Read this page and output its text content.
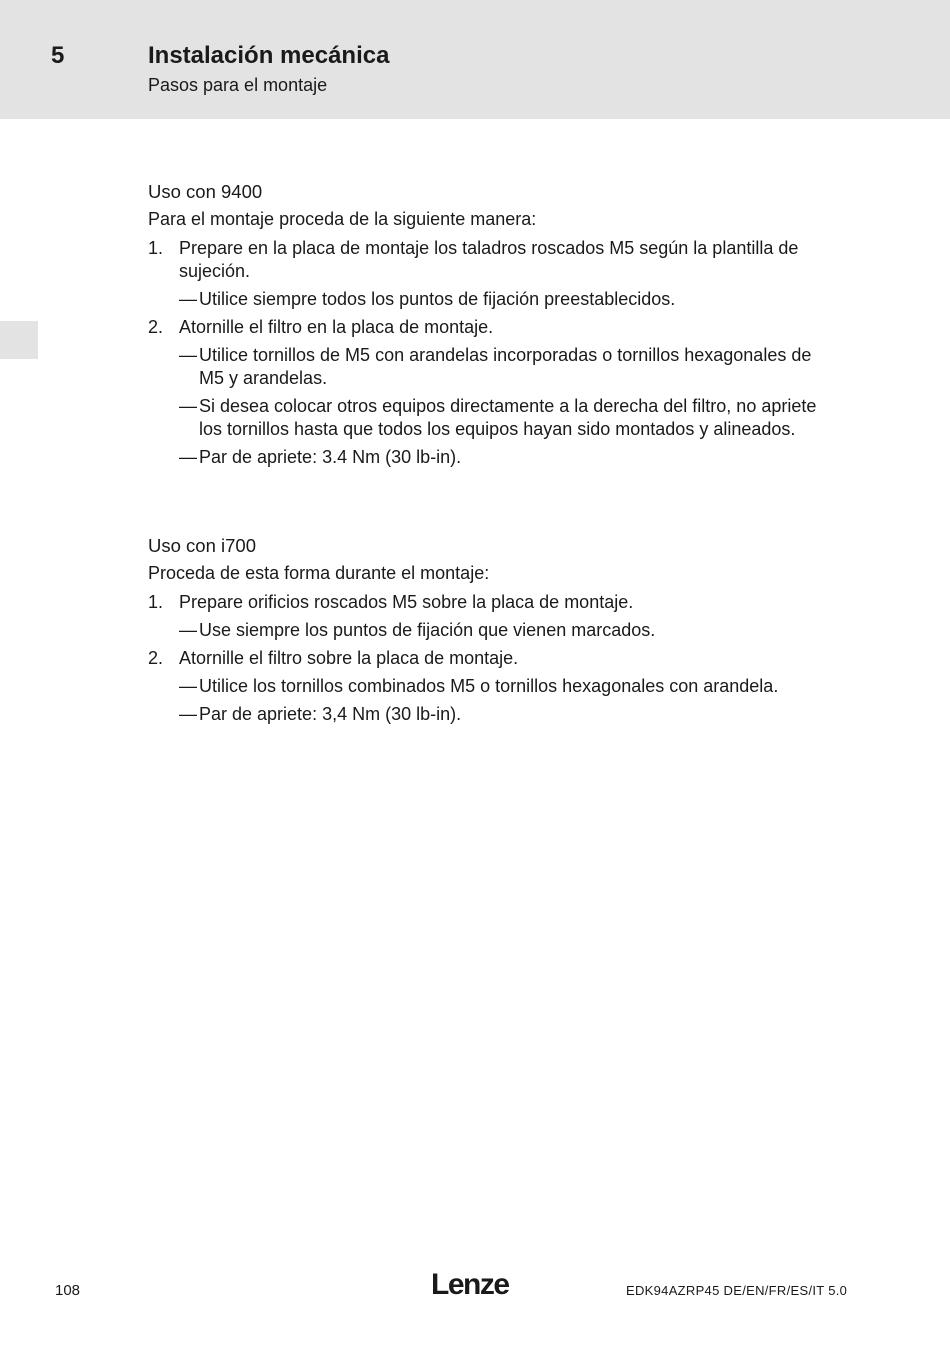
5	Instalación mecánica
Pasos para el montaje
Uso con 9400
Para el montaje proceda de la siguiente manera:
1. Prepare en la placa de montaje los taladros roscados M5 según la plantilla de sujeción.
— Utilice siempre todos los puntos de fijación preestablecidos.
2. Atornille el filtro en la placa de montaje.
— Utilice tornillos de M5 con arandelas incorporadas o tornillos hexagonales de M5 y arandelas.
— Si desea colocar otros equipos directamente a la derecha del filtro, no apriete los tornillos hasta que todos los equipos hayan sido montados y alineados.
— Par de apriete: 3.4 Nm (30 lb-in).
Uso con i700
Proceda de esta forma durante el montaje:
1. Prepare orificios roscados M5 sobre la placa de montaje.
— Use siempre los puntos de fijación que vienen marcados.
2. Atornille el filtro sobre la placa de montaje.
— Utilice los tornillos combinados M5 o tornillos hexagonales con arandela.
— Par de apriete: 3,4 Nm (30 lb-in).
108	Lenze	EDK94AZRP45 DE/EN/FR/ES/IT 5.0
